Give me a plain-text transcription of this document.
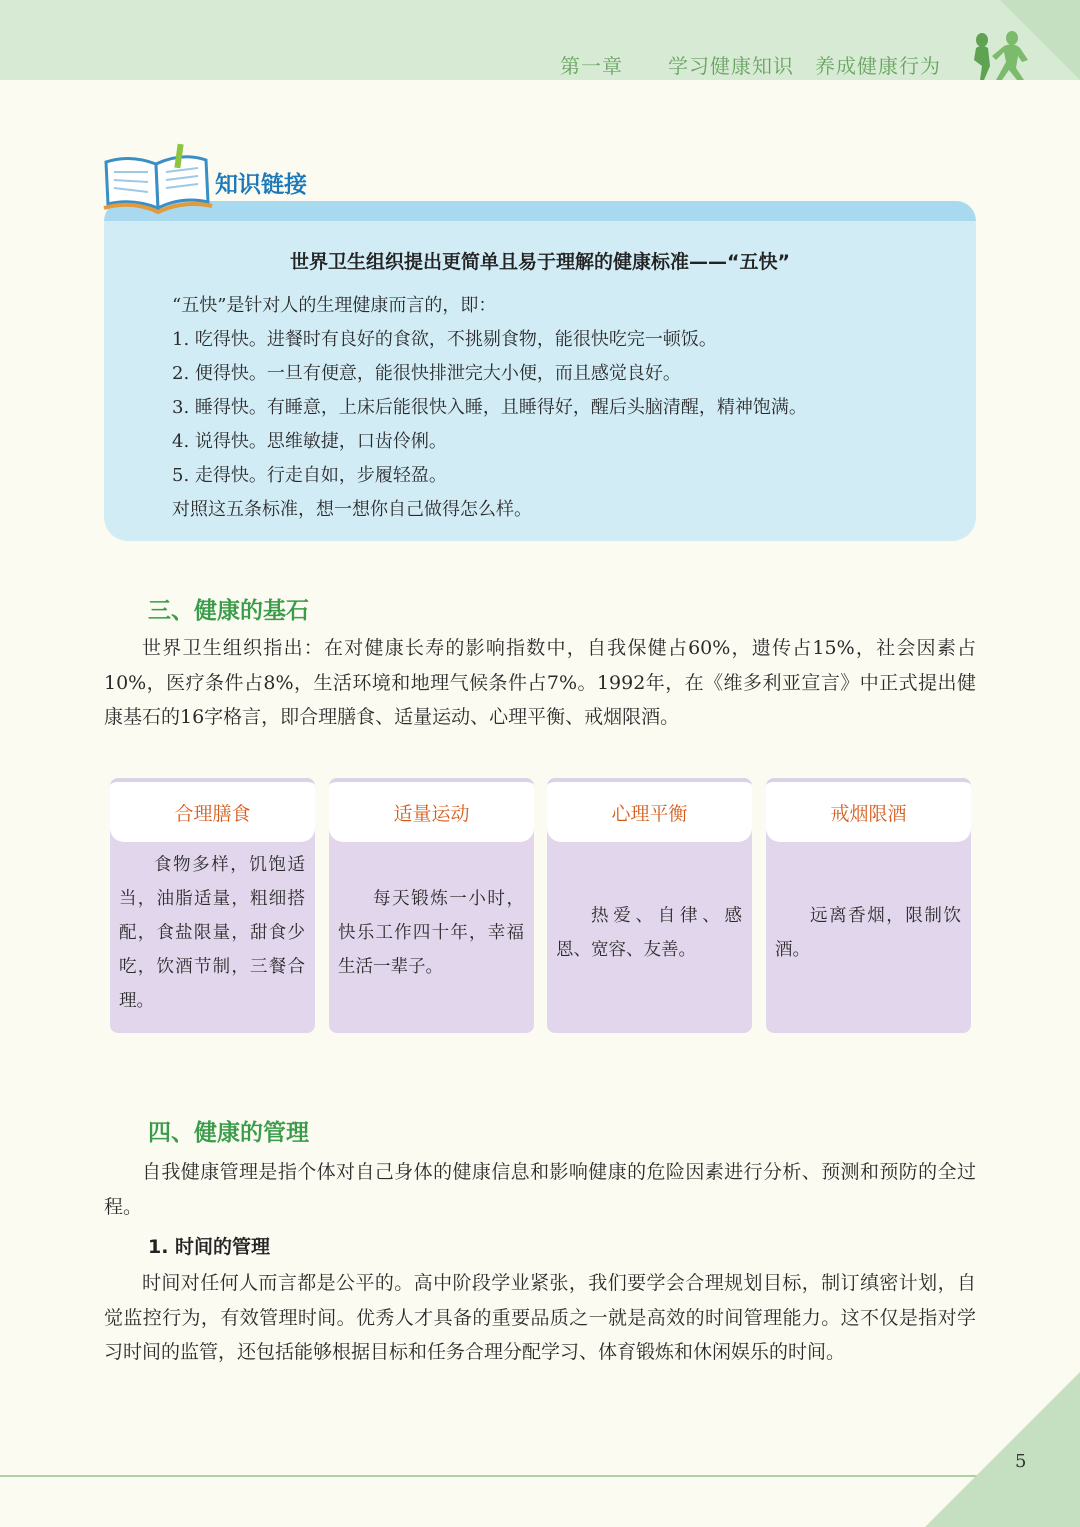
第一章 学习健康知识　养成健康行为
知识链接
世界卫生组织提出更简单且易于理解的健康标准——“五快”
“五快”是针对人的生理健康而言的，即：
1. 吃得快。进餐时有良好的食欲，不挑剔食物，能很快吃完一顿饭。
2. 便得快。一旦有便意，能很快排泄完大小便，而且感觉良好。
3. 睡得快。有睡意，上床后能很快入睡，且睡得好，醒后头脑清醒，精神饱满。
4. 说得快。思维敏捷，口齿伶俐。
5. 走得快。行走自如，步履轻盈。
对照这五条标准，想一想你自己做得怎么样。
三、健康的基石
世界卫生组织指出：在对健康长寿的影响指数中，自我保健占60%，遗传占15%，社会因素占10%，医疗条件占8%，生活环境和地理气候条件占7%。1992年，在《维多利亚宣言》中正式提出健康基石的16字格言，即合理膳食、适量运动、心理平衡、戒烟限酒。
合理膳食
食物多样，饥饱适当，油脂适量，粗细搭配，食盐限量，甜食少吃，饮酒节制，三餐合理。
适量运动
每天锻炼一小时，快乐工作四十年，幸福生活一辈子。
心理平衡
热爱、自律、感恩、宽容、友善。
戒烟限酒
远离香烟，限制饮酒。
四、健康的管理
自我健康管理是指个体对自己身体的健康信息和影响健康的危险因素进行分析、预测和预防的全过程。
1. 时间的管理
时间对任何人而言都是公平的。高中阶段学业紧张，我们要学会合理规划目标，制订缜密计划，自觉监控行为，有效管理时间。优秀人才具备的重要品质之一就是高效的时间管理能力。这不仅是指对学习时间的监管，还包括能够根据目标和任务合理分配学习、体育锻炼和休闲娱乐的时间。
5
